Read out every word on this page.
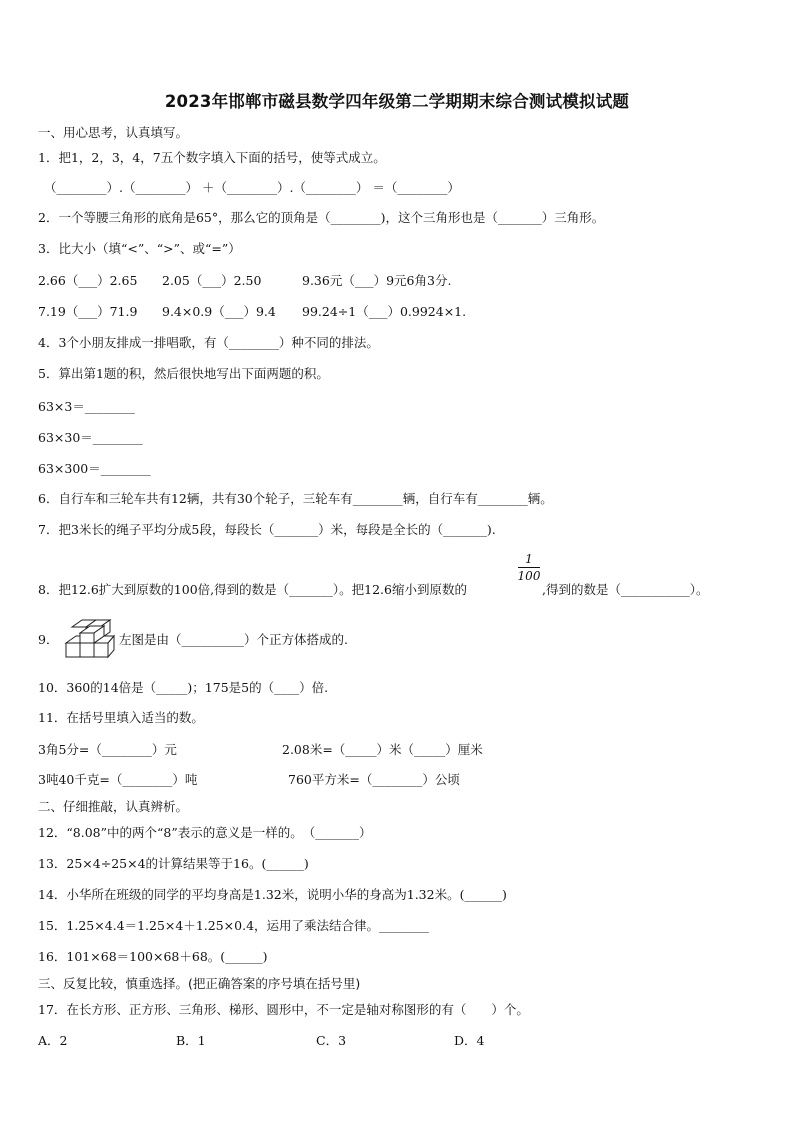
2023年邯郸市磁县数学四年级第二学期期末综合测试模拟试题
一、用心思考，认真填写。
1．把1，2，3，4，7五个数字填入下面的括号，使等式成立。
（________）.（________） ＋（________）.（________） ＝（________）
2．一个等腰三角形的底角是65°，那么它的顶角是（________)，这个三角形也是（_______）三角形。
3．比大小（填“<”、“>”、或“=”）
2.66（___）2.65 2.05（___）2.50	9.36元（___）9元6角3分.
7.19（___）71.9 9.4×0.9（___）9.4 99.24÷1（___）0.9924×1.
4．3个小朋友排成一排唱歌，有（________）种不同的排法。
5．算出第1题的积，然后很快地写出下面两题的积。
63×3＝________
63×30＝________
63×300＝________
6．自行车和三轮车共有12辆，共有30个轮子，三轮车有________辆，自行车有________辆。
7．把3米长的绳子平均分成5段，每段长（_______）米，每段是全长的（_______).
8．把12.6扩大到原数的100倍,得到的数是（_______）。把12.6缩小到原数的
1
100
,得到的数是（___________）。
9．	左图是由（__________）个正方体搭成的.
10．360的14倍是（_____)；175是5的（____）倍.
11．在括号里填入适当的数。
3角5分=（________）元	2.08米=（_____）米（_____）厘米
3吨40千克=（________）吨	760平方米=（________）公顷
二、仔细推敲，认真辨析。
12．“8.08”中的两个“8”表示的意义是一样的。　（_______）
13．25×4÷25×4的计算结果等于16。(______)
14．小华所在班级的同学的平均身高是1.32米，说明小华的身高为1.32米。(______)
15．1.25×4.4＝1.25×4＋1.25×0.4，运用了乘法结合律。________
16．101×68＝100×68＋68。(______)
三、反复比较，慎重选择。(把正确答案的序号填在括号里)
17．在长方形、正方形、三角形、梯形、圆形中，不一定是轴对称图形的有（　　）个。
A．2	B．1	C．3	D．4
